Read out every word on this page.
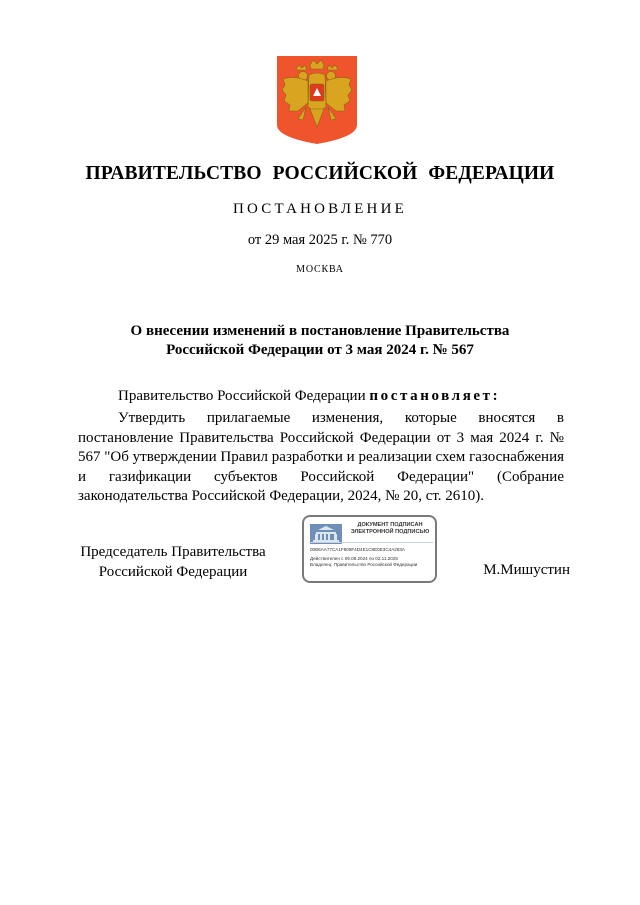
ПРАВИТЕЛЬСТВО РОССИЙСКОЙ ФЕДЕРАЦИИ
ПОСТАНОВЛЕНИЕ
от 29 мая 2025 г. № 770
МОСКВА
О внесении изменений в постановление Правительства
Российской Федерации от 3 мая 2024 г. № 567
Правительство Российской Федерации постановляет:
Утвердить прилагаемые изменения, которые вносятся в постановление Правительства Российской Федерации от 3 мая 2024 г. № 567 "Об утверждении Правил разработки и реализации схем газоснабжения и газификации субъектов Российской Федерации" (Собрание законодательства Российской Федерации, 2024, № 20, ст. 2610).
Председатель Правительства
Российской Федерации
ДОКУМЕНТ ПОДПИСАН
ЭЛЕКТРОННОЙ ПОДПИСЬЮ
00B5AA77CA1F809F4D4E1C8E0E3C4A283A
Действителен с 09.08.2024 по 02.11.2025
Владелец: Правительство Российской Федерации	М.Мишустин
